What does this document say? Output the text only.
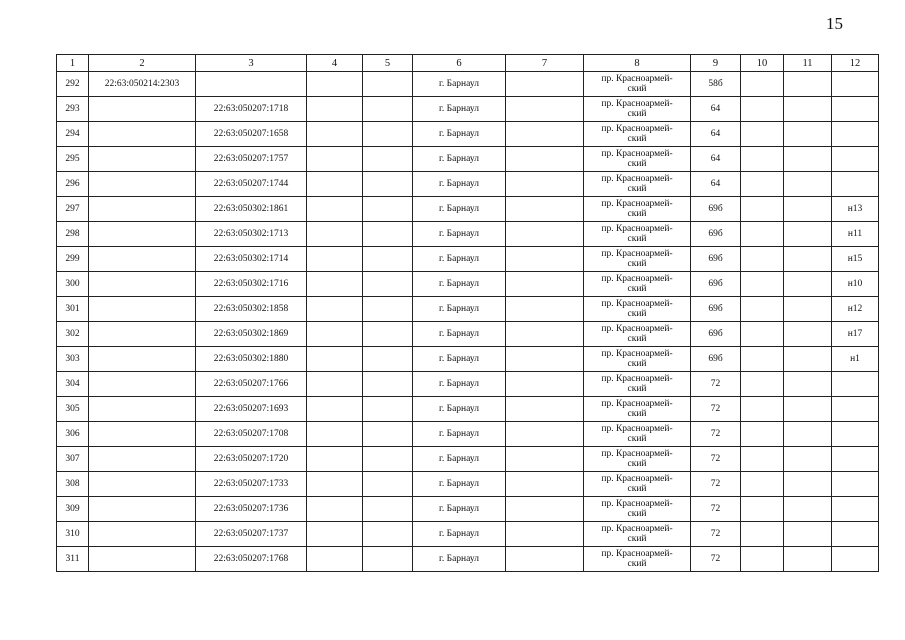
15
1	2	3	4	5	6	7	8	9	10	11	12
292	22:63:050214:2303				г. Барнаул		пр. Красноармей-
ский	58б			
293		22:63:050207:1718			г. Барнаул		пр. Красноармей-
ский	64			
294		22:63:050207:1658			г. Барнаул		пр. Красноармей-
ский	64			
295		22:63:050207:1757			г. Барнаул		пр. Красноармей-
ский	64			
296		22:63:050207:1744			г. Барнаул		пр. Красноармей-
ский	64			
297		22:63:050302:1861			г. Барнаул		пр. Красноармей-
ский	69б			н13
298		22:63:050302:1713			г. Барнаул		пр. Красноармей-
ский	69б			н11
299		22:63:050302:1714			г. Барнаул		пр. Красноармей-
ский	69б			н15
300		22:63:050302:1716			г. Барнаул		пр. Красноармей-
ский	69б			н10
301		22:63:050302:1858			г. Барнаул		пр. Красноармей-
ский	69б			н12
302		22:63:050302:1869			г. Барнаул		пр. Красноармей-
ский	69б			н17
303		22:63:050302:1880			г. Барнаул		пр. Красноармей-
ский	69б			н1
304		22:63:050207:1766			г. Барнаул		пр. Красноармей-
ский	72			
305		22:63:050207:1693			г. Барнаул		пр. Красноармей-
ский	72			
306		22:63:050207:1708			г. Барнаул		пр. Красноармей-
ский	72			
307		22:63:050207:1720			г. Барнаул		пр. Красноармей-
ский	72			
308		22:63:050207:1733			г. Барнаул		пр. Красноармей-
ский	72			
309		22:63:050207:1736			г. Барнаул		пр. Красноармей-
ский	72			
310		22:63:050207:1737			г. Барнаул		пр. Красноармей-
ский	72			
311		22:63:050207:1768			г. Барнаул		пр. Красноармей-
ский	72			
